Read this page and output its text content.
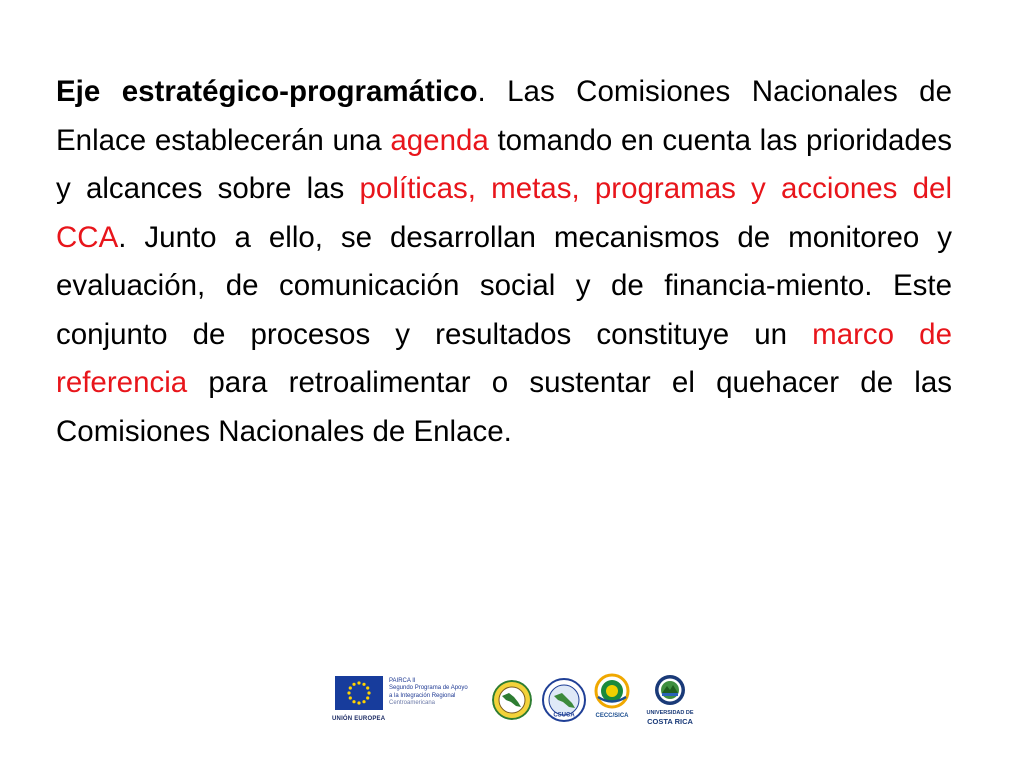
Eje estratégico-programático. Las Comisiones Nacionales de Enlace establecerán una agenda tomando en cuenta las prioridades y alcances sobre las políticas, metas, programas y acciones del CCA. Junto a ello, se desarrollan mecanismos de monitoreo y evaluación, de comunicación social y de financia-miento. Este conjunto de procesos y resultados constituye un marco de referencia para retroalimentar o sustentar el quehacer de las Comisiones Nacionales de Enlace.
UNIÓN EUROPEA
PAIRCA II
Segundo Programa de Apoyo
a la Integración Regional
Centroamericana
CSUCA	CECC/SICA	UNIVERSIDAD DE
COSTA RICA
